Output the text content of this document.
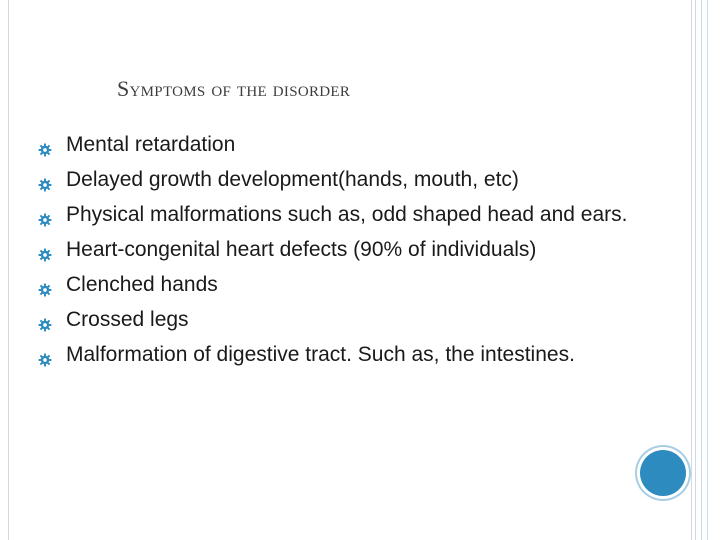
Symptoms of the disorder
Mental retardation
Delayed growth development(hands, mouth, etc)
Physical malformations such as, odd shaped head and ears.
Heart-congenital heart defects (90% of individuals)
Clenched hands
Crossed legs
Malformation of digestive tract. Such as, the intestines.
